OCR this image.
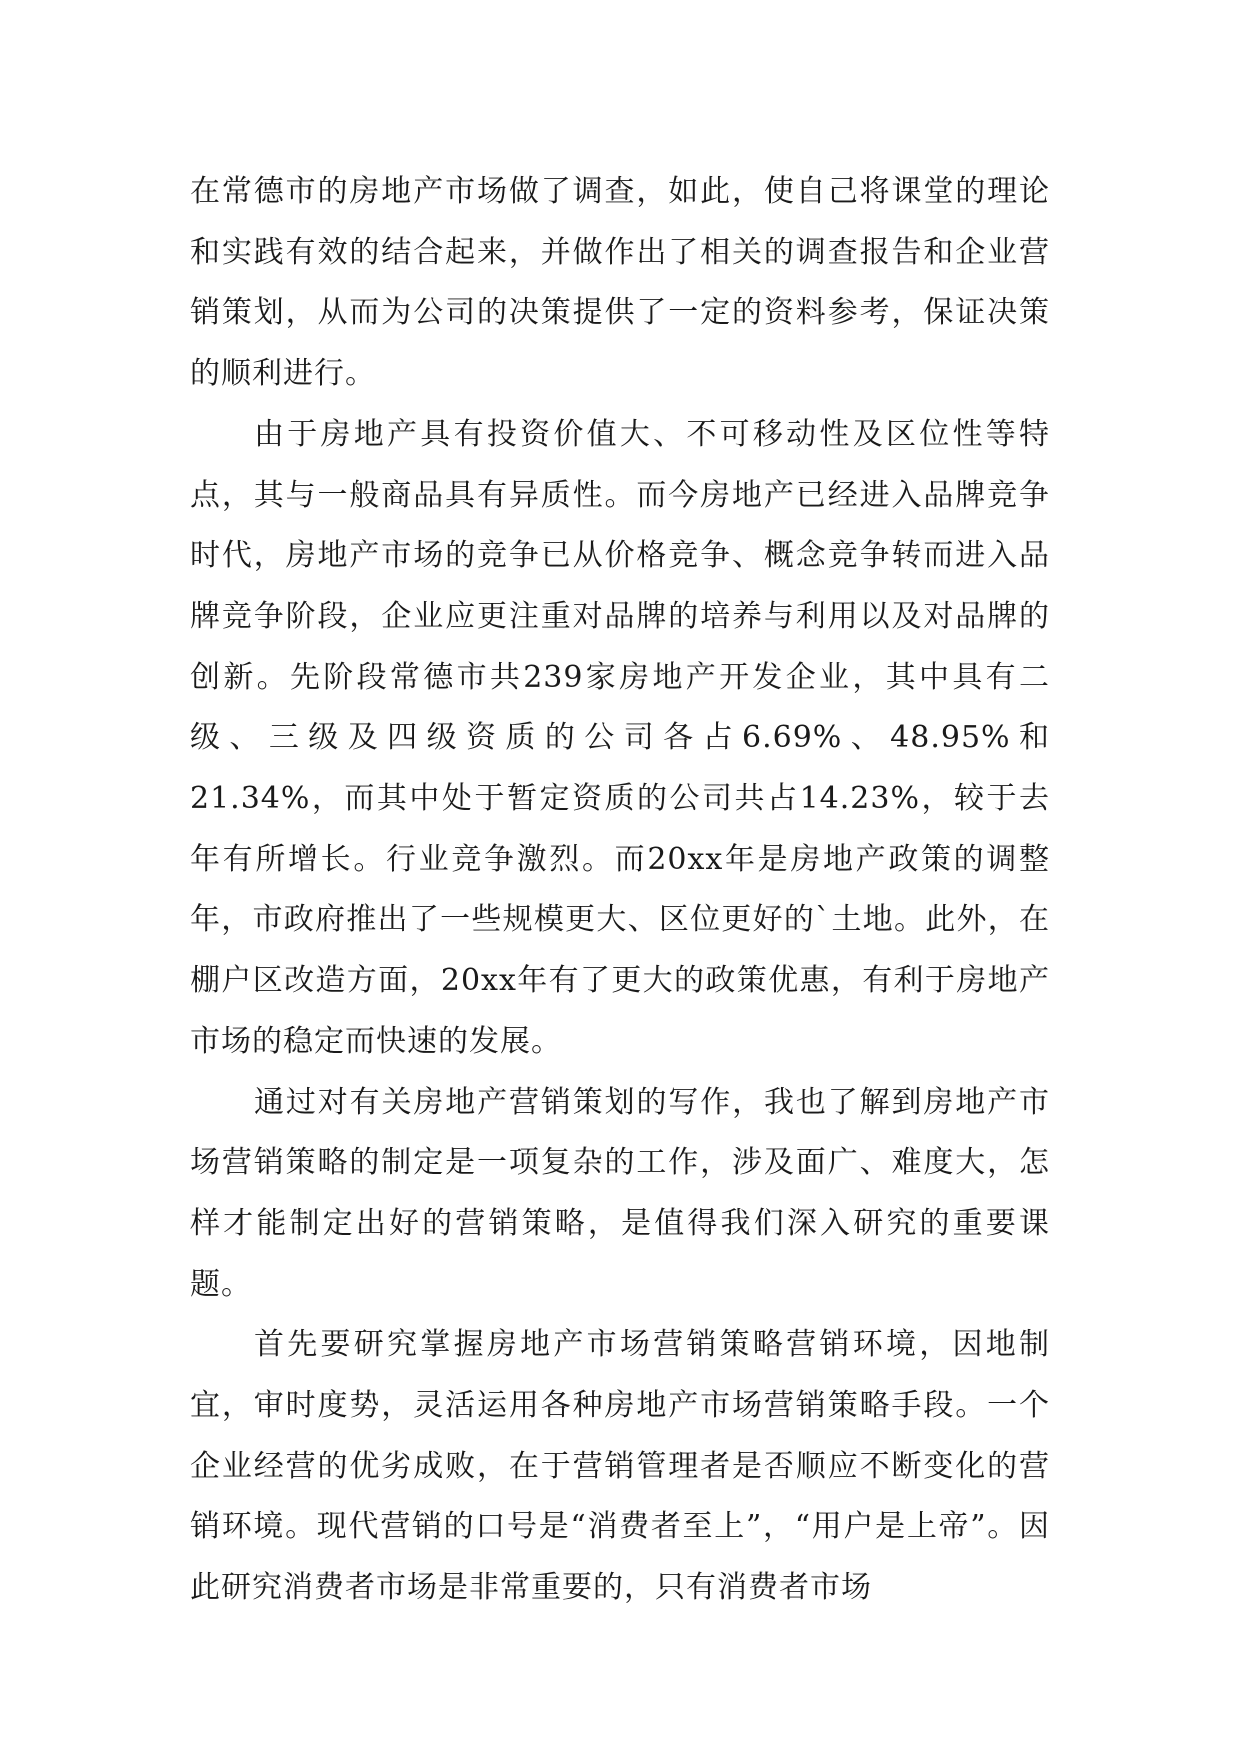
在常德市的房地产市场做了调查，如此，使自己将课堂的理论和实践有效的结合起来，并做作出了相关的调查报告和企业营销策划，从而为公司的决策提供了一定的资料参考，保证决策的顺利进行。

由于房地产具有投资价值大、不可移动性及区位性等特点，其与一般商品具有异质性。而今房地产已经进入品牌竞争时代，房地产市场的竞争已从价格竞争、概念竞争转而进入品牌竞争阶段，企业应更注重对品牌的培养与利用以及对品牌的创新。先阶段常德市共239家房地产开发企业，其中具有二级、三级及四级资质的公司各占6.69%、48.95%和21.34%，而其中处于暂定资质的公司共占14.23%，较于去年有所增长。行业竞争激烈。而20xx年是房地产政策的调整年，市政府推出了一些规模更大、区位更好的`土地。此外，在棚户区改造方面，20xx年有了更大的政策优惠，有利于房地产市场的稳定而快速的发展。

通过对有关房地产营销策划的写作，我也了解到房地产市场营销策略的制定是一项复杂的工作，涉及面广、难度大，怎样才能制定出好的营销策略，是值得我们深入研究的重要课题。

首先要研究掌握房地产市场营销策略营销环境，因地制宜，审时度势，灵活运用各种房地产市场营销策略手段。一个企业经营的优劣成败，在于营销管理者是否顺应不断变化的营销环境。现代营销的口号是“消费者至上”，“用户是上帝”。因此研究消费者市场是非常重要的，只有消费者市场
